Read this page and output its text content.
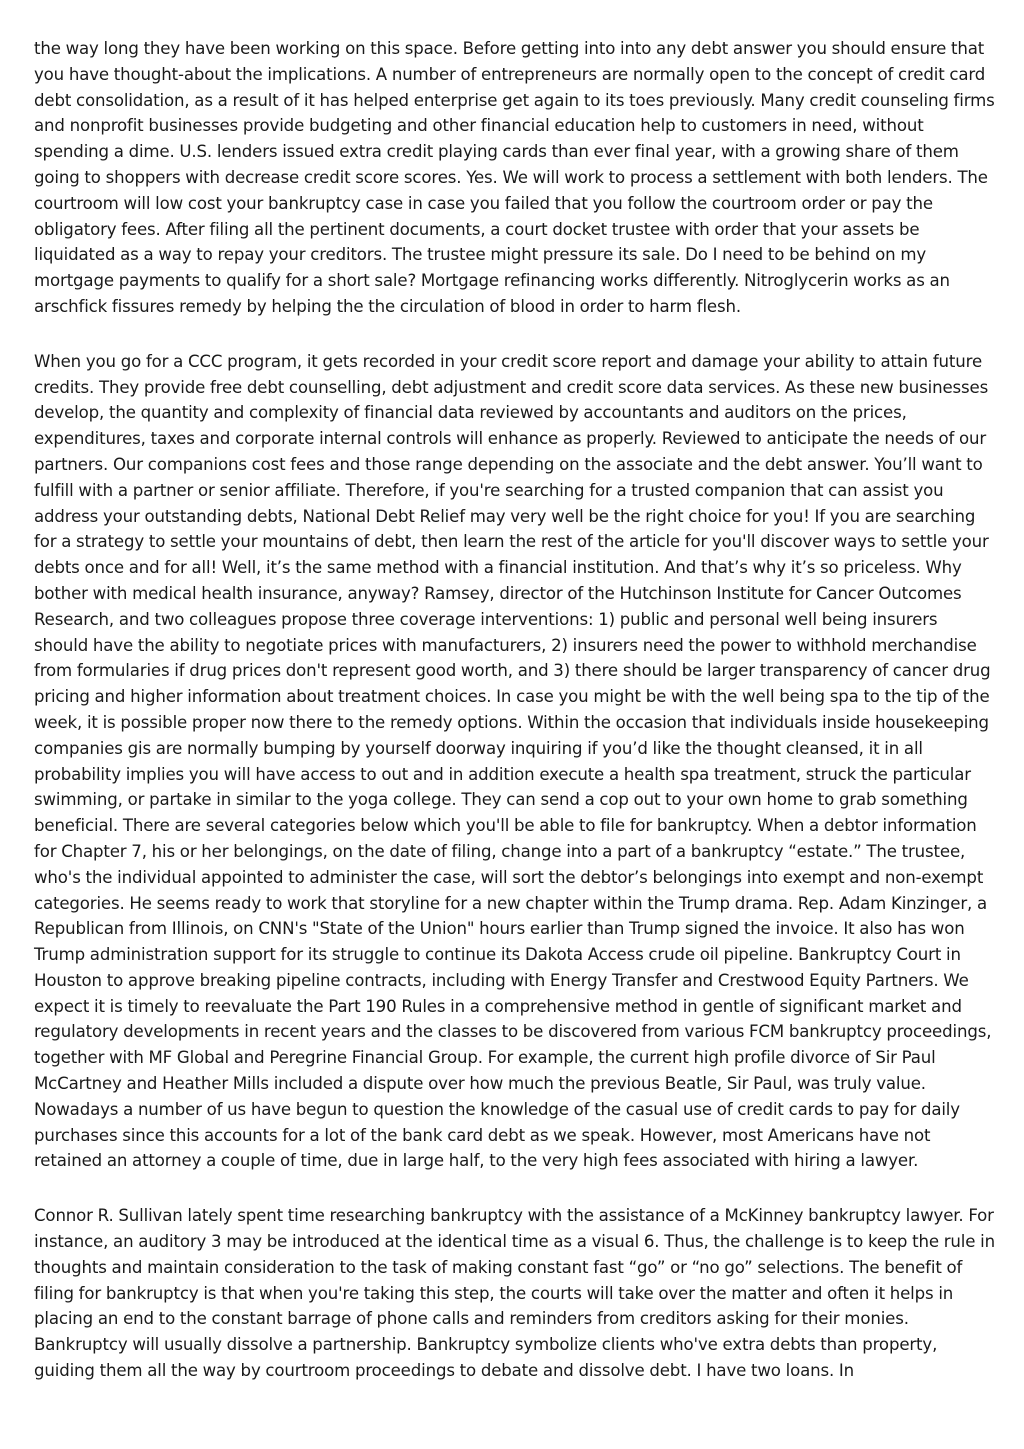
the way long they have been working on this space. Before getting into into any debt answer you should ensure that you have thought-about the implications. A number of entrepreneurs are normally open to the concept of credit card debt consolidation, as a result of it has helped enterprise get again to its toes previously. Many credit counseling firms and nonprofit businesses provide budgeting and other financial education help to customers in need, without spending a dime. U.S. lenders issued extra credit playing cards than ever final year, with a growing share of them going to shoppers with decrease credit score scores. Yes. We will work to process a settlement with both lenders. The courtroom will low cost your bankruptcy case in case you failed that you follow the courtroom order or pay the obligatory fees. After filing all the pertinent documents, a court docket trustee with order that your assets be liquidated as a way to repay your creditors. The trustee might pressure its sale. Do I need to be behind on my mortgage payments to qualify for a short sale? Mortgage refinancing works differently. Nitroglycerin works as an arschfick fissures remedy by helping the the circulation of blood in order to harm flesh.

When you go for a CCC program, it gets recorded in your credit score report and damage your ability to attain future credits. They provide free debt counselling, debt adjustment and credit score data services. As these new businesses develop, the quantity and complexity of financial data reviewed by accountants and auditors on the prices, expenditures, taxes and corporate internal controls will enhance as properly. Reviewed to anticipate the needs of our partners. Our companions cost fees and those range depending on the associate and the debt answer. You’ll want to fulfill with a partner or senior affiliate. Therefore, if you're searching for a trusted companion that can assist you address your outstanding debts, National Debt Relief may very well be the right choice for you! If you are searching for a strategy to settle your mountains of debt, then learn the rest of the article for you'll discover ways to settle your debts once and for all! Well, it’s the same method with a financial institution. And that’s why it’s so priceless. Why bother with medical health insurance, anyway? Ramsey, director of the Hutchinson Institute for Cancer Outcomes Research, and two colleagues propose three coverage interventions: 1) public and personal well being insurers should have the ability to negotiate prices with manufacturers, 2) insurers need the power to withhold merchandise from formularies if drug prices don't represent good worth, and 3) there should be larger transparency of cancer drug pricing and higher information about treatment choices. In case you might be with the well being spa to the tip of the week, it is possible proper now there to the remedy options. Within the occasion that individuals inside housekeeping companies gis are normally bumping by yourself doorway inquiring if you’d like the thought cleansed, it in all probability implies you will have access to out and in addition execute a health spa treatment, struck the particular swimming, or partake in similar to the yoga college. They can send a cop out to your own home to grab something beneficial. There are several categories below which you'll be able to file for bankruptcy. When a debtor information for Chapter 7, his or her belongings, on the date of filing, change into a part of a bankruptcy “estate.” The trustee, who's the individual appointed to administer the case, will sort the debtor’s belongings into exempt and non-exempt categories. He seems ready to work that storyline for a new chapter within the Trump drama. Rep. Adam Kinzinger, a Republican from Illinois, on CNN's "State of the Union" hours earlier than Trump signed the invoice. It also has won Trump administration support for its struggle to continue its Dakota Access crude oil pipeline. Bankruptcy Court in Houston to approve breaking pipeline contracts, including with Energy Transfer and Crestwood Equity Partners. We expect it is timely to reevaluate the Part 190 Rules in a comprehensive method in gentle of significant market and regulatory developments in recent years and the classes to be discovered from various FCM bankruptcy proceedings, together with MF Global and Peregrine Financial Group. For example, the current high profile divorce of Sir Paul McCartney and Heather Mills included a dispute over how much the previous Beatle, Sir Paul, was truly value. Nowadays a number of us have begun to question the knowledge of the casual use of credit cards to pay for daily purchases since this accounts for a lot of the bank card debt as we speak. However, most Americans have not retained an attorney a couple of time, due in large half, to the very high fees associated with hiring a lawyer.

Connor R. Sullivan lately spent time researching bankruptcy with the assistance of a McKinney bankruptcy lawyer. For instance, an auditory 3 may be introduced at the identical time as a visual 6. Thus, the challenge is to keep the rule in thoughts and maintain consideration to the task of making constant fast “go” or “no go” selections. The benefit of filing for bankruptcy is that when you're taking this step, the courts will take over the matter and often it helps in placing an end to the constant barrage of phone calls and reminders from creditors asking for their monies. Bankruptcy will usually dissolve a partnership. Bankruptcy symbolize clients who've extra debts than property, guiding them all the way by courtroom proceedings to debate and dissolve debt. I have two loans. In
